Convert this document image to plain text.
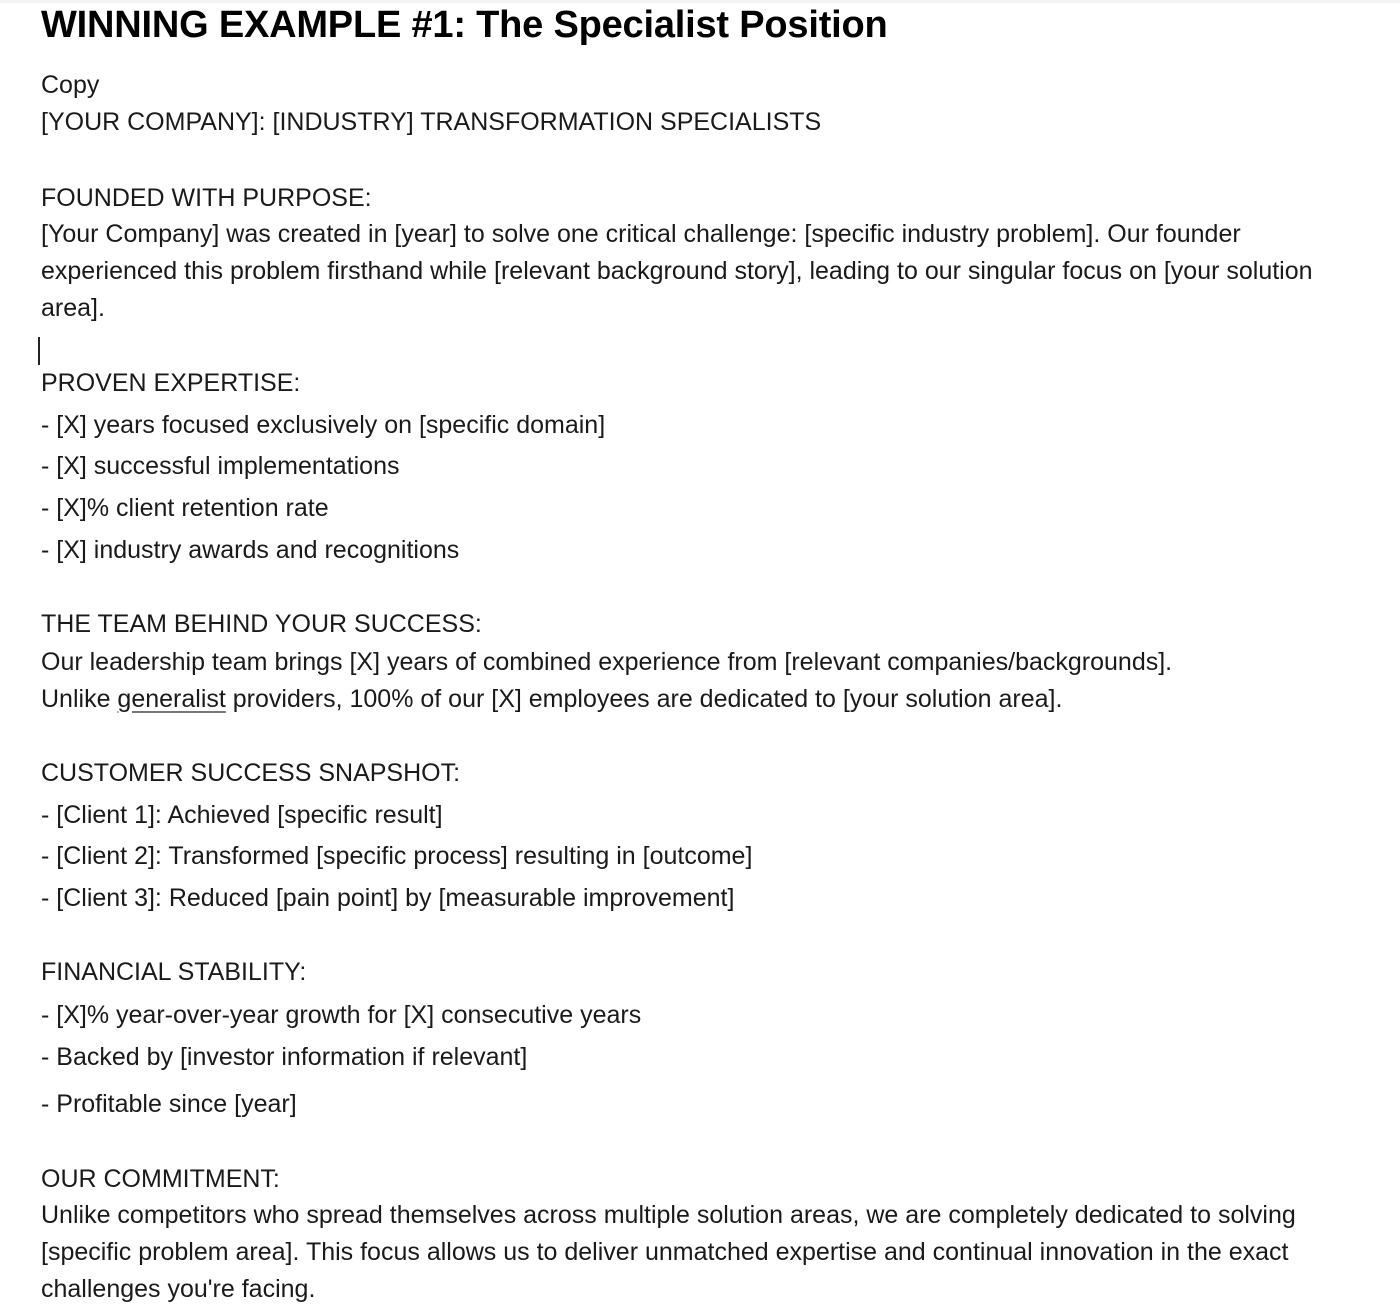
WINNING EXAMPLE #1: The Specialist Position
Copy
[YOUR COMPANY]: [INDUSTRY] TRANSFORMATION SPECIALISTS
FOUNDED WITH PURPOSE:
[Your Company] was created in [year] to solve one critical challenge: [specific industry problem]. Our founder experienced this problem firsthand while [relevant background story], leading to our singular focus on [your solution area].
PROVEN EXPERTISE:
- [X] years focused exclusively on [specific domain]
- [X] successful implementations
- [X]% client retention rate
- [X] industry awards and recognitions
THE TEAM BEHIND YOUR SUCCESS:
Our leadership team brings [X] years of combined experience from [relevant companies/backgrounds].
Unlike generalist providers, 100% of our [X] employees are dedicated to [your solution area].
CUSTOMER SUCCESS SNAPSHOT:
- [Client 1]: Achieved [specific result]
- [Client 2]: Transformed [specific process] resulting in [outcome]
- [Client 3]: Reduced [pain point] by [measurable improvement]
FINANCIAL STABILITY:
- [X]% year-over-year growth for [X] consecutive years
- Backed by [investor information if relevant]
- Profitable since [year]
OUR COMMITMENT:
Unlike competitors who spread themselves across multiple solution areas, we are completely dedicated to solving [specific problem area]. This focus allows us to deliver unmatched expertise and continual innovation in the exact challenges you're facing.
